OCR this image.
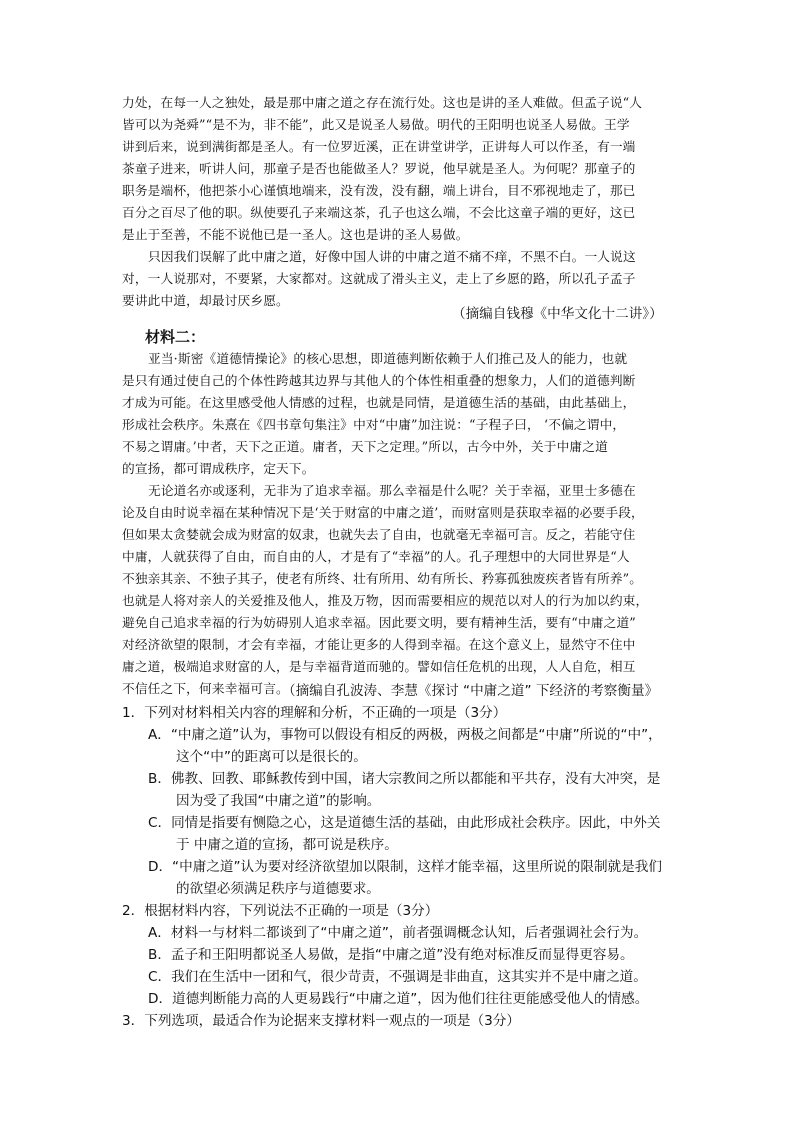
力处，在每一人之独处，最是那中庸之道之存在流行处。这也是讲的圣人难做。但孟子说“人
皆可以为尧舜”“是不为，非不能”，此又是说圣人易做。明代的王阳明也说圣人易做。王学
讲到后来，说到满街都是圣人。有一位罗近溪，正在讲堂讲学，正讲每人可以作圣，有一端
茶童子进来，听讲人问，那童子是否也能做圣人？罗说，他早就是圣人。为何呢？那童子的
职务是端杯，他把茶小心谨慎地端来，没有泼，没有翻，端上讲台，目不邪视地走了，那已
百分之百尽了他的职。纵使要孔子来端这茶，孔子也这么端，不会比这童子端的更好，这已
是止于至善，不能不说他已是一圣人。这也是讲的圣人易做。
只因我们误解了此中庸之道，好像中国人讲的中庸之道不痛不痒，不黑不白。一人说这
对，一人说那对，不要紧，大家都对。这就成了滑头主义，走上了乡愿的路，所以孔子孟子
要讲此中道，却最讨厌乡愿。
（摘编自钱穆《中华文化十二讲》）
材料二：
亚当·斯密《道德情操论》的核心思想，即道德判断依赖于人们推己及人的能力，也就
是只有通过使自己的个体性跨越其边界与其他人的个体性相重叠的想象力，人们的道德判断
才成为可能。在这里感受他人情感的过程，也就是同情，是道德生活的基础，由此基础上，
形成社会秩序。朱熹在《四书章句集注》中对“中庸”加注说：“子程子曰， ‘不偏之谓中，
不易之谓庸。’中者，天下之正道。庸者，天下之定理。”所以，古今中外，关于中庸之道
的宣扬，都可谓成秩序，定天下。
无论道名亦或逐利，无非为了追求幸福。那么幸福是什么呢？关于幸福，亚里士多德在
论及自由时说幸福在某种情况下是‘关于财富的中庸之道’，而财富则是获取幸福的必要手段，
但如果太贪婪就会成为财富的奴隶，也就失去了自由，也就毫无幸福可言。反之，若能守住
中庸，人就获得了自由，而自由的人，才是有了“幸福”的人。孔子理想中的大同世界是“人
不独亲其亲、不独子其子，使老有所终、壮有所用、幼有所长、矜寡孤独废疾者皆有所养”。
也就是人将对亲人的关爱推及他人，推及万物，因而需要相应的规范以对人的行为加以约束，
避免自己追求幸福的行为妨碍别人追求幸福。因此要文明，要有精神生活，要有“中庸之道”
对经济欲望的限制，才会有幸福，才能让更多的人得到幸福。在这个意义上，显然守不住中
庸之道，极端追求财富的人，是与幸福背道而驰的。譬如信任危机的出现，人人自危，相互
不信任之下，何来幸福可言。
（摘编自孔波涛、李慧《探讨 “中庸之道” 下经济的考察衡量》
1．下列对材料相关内容的理解和分析，不正确的一项是（3分）
A．“中庸之道”认为，事物可以假设有相反的两极，两极之间都是“中庸”所说的“中”，
这个“中”的距离可以是很长的。
B．佛教、回教、耶稣教传到中国，诸大宗教间之所以都能和平共存，没有大冲突，是
因为受了我国“中庸之道”的影响。
C．同情是指要有恻隐之心，这是道德生活的基础，由此形成社会秩序。因此，中外关
于 中庸之道的宣扬，都可说是秩序。
D．“中庸之道”认为要对经济欲望加以限制，这样才能幸福，这里所说的限制就是我们
的欲望必须满足秩序与道德要求。
2．根据材料内容，下列说法不正确的一项是（3分）
A．材料一与材料二都谈到了“中庸之道”，前者强调概念认知，后者强调社会行为。
B．孟子和王阳明都说圣人易做，是指“中庸之道”没有绝对标准反而显得更容易。
C．我们在生活中一团和气，很少苛责，不强调是非曲直，这其实并不是中庸之道。
D．道德判断能力高的人更易践行“中庸之道”，因为他们往往更能感受他人的情感。
3．下列选项，最适合作为论据来支撑材料一观点的一项是（3分）
